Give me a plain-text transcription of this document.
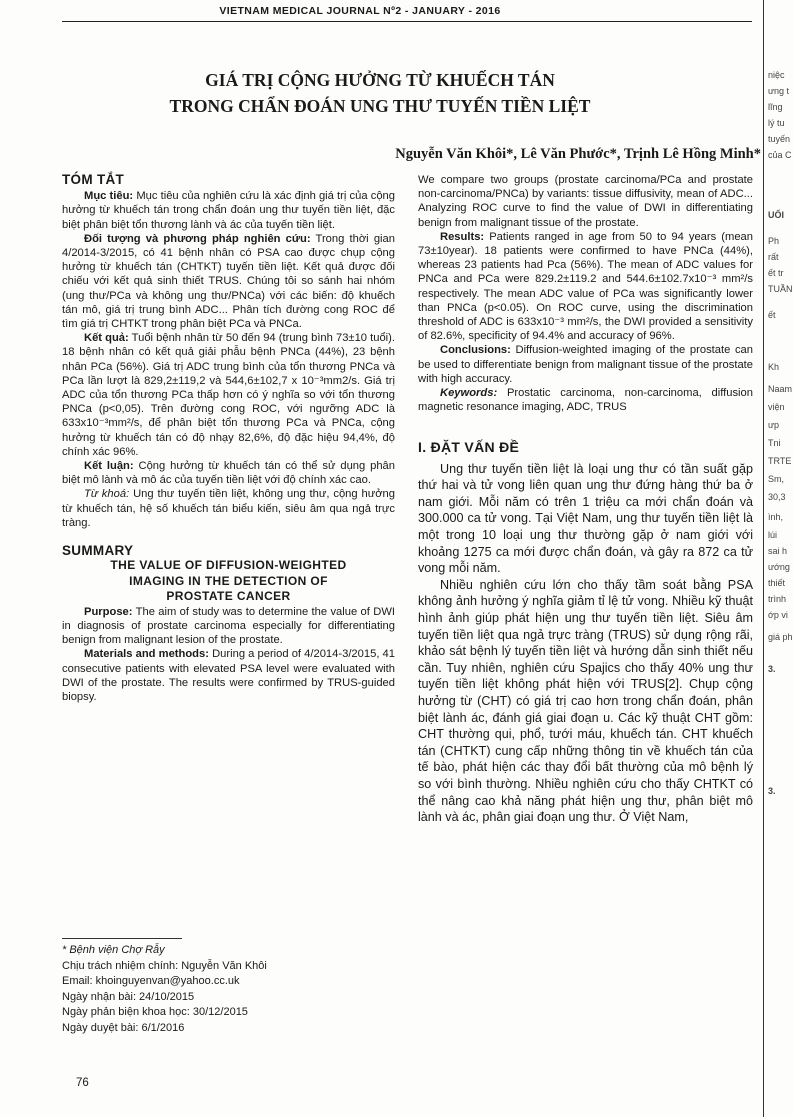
VIETNAM MEDICAL JOURNAL Nº2 - JANUARY - 2016
GIÁ TRỊ CỘNG HƯỞNG TỪ KHUẾCH TÁN
TRONG CHẨN ĐOÁN UNG THƯ TUYẾN TIỀN LIỆT
Nguyễn Văn Khôi*, Lê Văn Phước*, Trịnh Lê Hồng Minh*
TÓM TẮT

Mục tiêu: Mục tiêu của nghiên cứu là xác định giá trị của cộng hưởng từ khuếch tán trong chẩn đoán ung thư tuyến tiền liệt, đặc biệt phân biệt tổn thương lành và ác của tuyến tiền liệt.

Đối tượng và phương pháp nghiên cứu: Trong thời gian 4/2014-3/2015, có 41 bệnh nhân có PSA cao được chụp cộng hưởng từ khuếch tán (CHTKT) tuyến tiền liệt. Kết quả được đối chiếu với kết quả sinh thiết TRUS. Chúng tôi so sánh hai nhóm (ung thư/PCa và không ung thư/PNCa) với các biến: độ khuếch tán mô, giá trị trung bình ADC... Phân tích đường cong ROC để tìm giá trị CHTKT trong phân biệt PCa và PNCa.

Kết quả: Tuổi bệnh nhân từ 50 đến 94 (trung bình 73±10 tuổi). 18 bệnh nhân có kết quả giải phẫu bệnh PNCa (44%), 23 bệnh nhân PCa (56%). Giá trị ADC trung bình của tổn thương PNCa và PCa lần lượt là 829,2±119,2 và 544,6±102,7 x 10⁻³mm2/s. Giá trị ADC của tổn thương PCa thấp hơn có ý nghĩa so với tổn thương PNCa (p<0,05). Trên đường cong ROC, với ngưỡng ADC là 633x10⁻³mm²/s, để phân biệt tổn thương PCa và PNCa, cộng hưởng từ khuếch tán có độ nhạy 82,6%, độ đặc hiệu 94,4%, độ chính xác 96%.

Kết luận: Cộng hưởng từ khuếch tán có thể sử dụng phân biệt mô lành và mô ác của tuyến tiền liệt với độ chính xác cao.

Từ khoá: Ung thư tuyến tiền liệt, không ung thư, cộng hưởng từ khuếch tán, hệ số khuếch tán biểu kiến, siêu âm qua ngả trực tràng.

SUMMARY
THE VALUE OF DIFFUSION-WEIGHTED
IMAGING IN THE DETECTION OF
PROSTATE CANCER

Purpose: The aim of study was to determine the value of DWI in diagnosis of prostate carcinoma especially for differentiating benign from malignant lesion of the prostate.

Materials and methods: During a period of 4/2014-3/2015, 41 consecutive patients with elevated PSA level were evaluated with DWI of the prostate. The results were confirmed by TRUS-guided biopsy.

* Bệnh viện Chợ Rẫy
Chịu trách nhiệm chính: Nguyễn Văn Khôi
Email: khoinguyenvan@yahoo.cc.uk
Ngày nhận bài: 24/10/2015
Ngày phản biện khoa học: 30/12/2015
Ngày duyệt bài: 6/1/2016

We compare two groups (prostate carcinoma/PCa and prostate non-carcinoma/PNCa) by variants: tissue diffusivity, mean of ADC... Analyzing ROC curve to find the value of DWI in differentiating benign from malignant tissue of the prostate.

Results: Patients ranged in age from 50 to 94 years (mean 73±10year). 18 patients were confirmed to have PNCa (44%), whereas 23 patients had Pca (56%). The mean of ADC values for PNCa and PCa were 829.2±119.2 and 544.6±102.7x10⁻³ mm²/s respectively. The mean ADC value of PCa was significantly lower than PNCa (p<0.05). On ROC curve, using the discrimination threshold of ADC is 633x10⁻³ mm²/s, the DWI provided a sensitivity of 82.6%, specificity of 94.4% and accuracy of 96%.

Conclusions: Diffusion-weighted imaging of the prostate can be used to differentiate benign from malignant tissue of the prostate with high accuracy.

Keywords: Prostatic carcinoma, non-carcinoma, diffusion magnetic resonance imaging, ADC, TRUS

I. ĐẶT VẤN ĐỀ

Ung thư tuyến tiền liệt là loại ung thư có tần suất gặp thứ hai và tử vong liên quan ung thư đứng hàng thứ ba ở nam giới. Mỗi năm có trên 1 triệu ca mới chẩn đoán và 300.000 ca tử vong. Tại Việt Nam, ung thư tuyến tiền liệt là một trong 10 loại ung thư thường gặp ở nam giới với khoảng 1275 ca mới được chẩn đoán, và gây ra 872 ca tử vong mỗi năm.

Nhiều nghiên cứu lớn cho thấy tầm soát bằng PSA không ảnh hưởng ý nghĩa giảm tỉ lệ tử vong. Nhiều kỹ thuật hình ảnh giúp phát hiện ung thư tuyến tiền liệt. Siêu âm tuyến tiền liệt qua ngả trực tràng (TRUS) sử dụng rộng rãi, khảo sát bệnh lý tuyến tiền liệt và hướng dẫn sinh thiết nếu cần. Tuy nhiên, nghiên cứu Spajics cho thấy 40% ung thư tuyến tiền liệt không phát hiện với TRUS[2]. Chụp cộng hưởng từ (CHT) có giá trị cao hơn trong chẩn đoán, phân biệt lành ác, đánh giá giai đoạn u. Các kỹ thuật CHT gồm: CHT thường qui, phổ, tưới máu, khuếch tán. CHT khuếch tán (CHTKT) cung cấp những thông tin về khuếch tán của tế bào, phát hiện các thay đổi bất thường của mô bệnh lý so với bình thường. Nhiều nghiên cứu cho thấy CHTKT có thể nâng cao khả năng phát hiện ung thư, phân biệt mô lành và ác, phân giai đoạn ung thư. Ở Việt Nam,

76
niệc
ưng t
lĩng
lý tu
tuyến
của C
UỐI
Ph
rất
ết tr
TUẦN
ết
Kh
Naam
viện
ưp
Tni
TRTE
Sm,
30,3
ình,
lúi
sai h
ướng
thiết
trình
ớp vi
giá ph
3.
3.
